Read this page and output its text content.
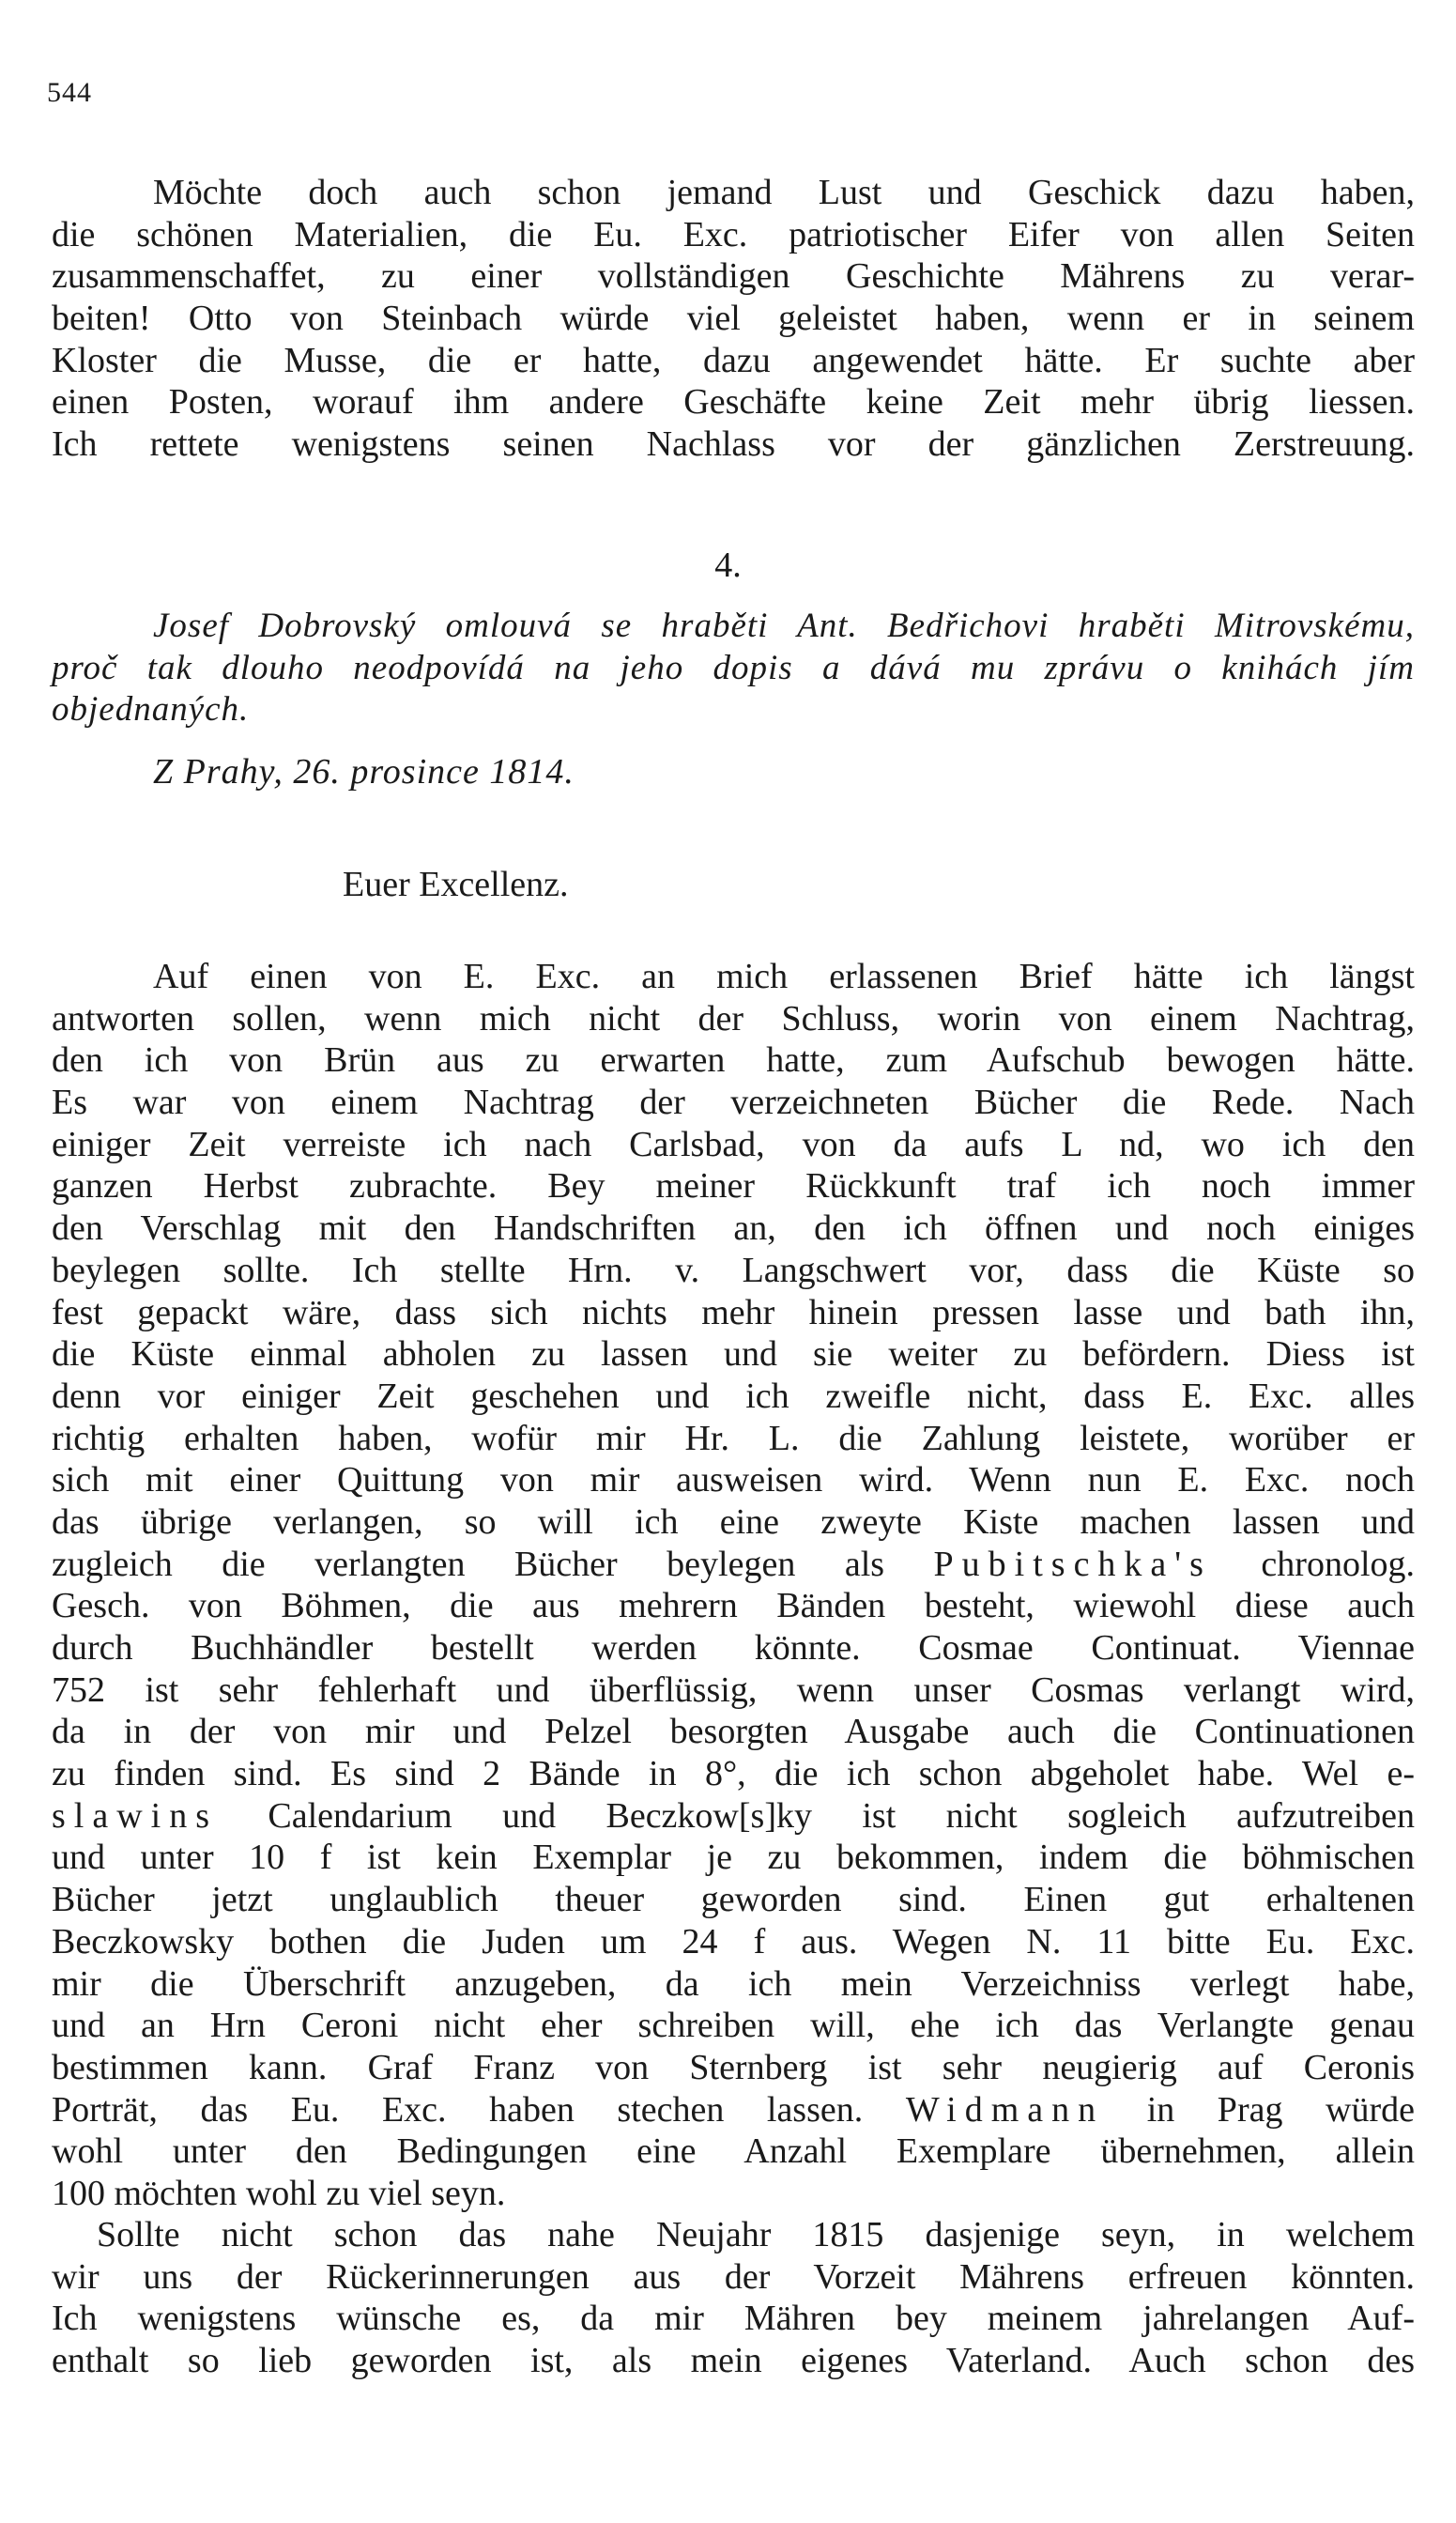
544
Möchte doch auch schon jemand Lust und Geschick dazu haben,
die schönen Materialien, die Eu. Exc. patriotischer Eifer von allen Seiten
zusammenschaffet, zu einer vollständigen Geschichte Mährens zu verar-
beiten! Otto von Steinbach würde viel geleistet haben, wenn er in seinem
Kloster die Musse, die er hatte, dazu angewendet hätte. Er suchte aber
einen Posten, worauf ihm andere Geschäfte keine Zeit mehr übrig liessen.
Ich rettete wenigstens seinen Nachlass vor der gänzlichen Zerstreuung.
4.
Josef Dobrovský omlouvá se hraběti Ant. Bedřichovi hraběti Mitrovskému,
proč tak dlouho neodpovídá na jeho dopis a dává mu zprávu o knihách jím
objednaných.
Z Prahy, 26. prosince 1814.
Euer Excellenz.
Auf einen von E. Exc. an mich erlassenen Brief hätte ich längst
antworten sollen, wenn mich nicht der Schluss, worin von einem Nachtrag,
den ich von Brün aus zu erwarten hatte, zum Aufschub bewogen hätte.
Es war von einem Nachtrag der verzeichneten Bücher die Rede. Nach
einiger Zeit verreiste ich nach Carlsbad, von da aufs L nd, wo ich den
ganzen Herbst zubrachte. Bey meiner Rückkunft traf ich noch immer
den Verschlag mit den Handschriften an, den ich öffnen und noch einiges
beylegen sollte. Ich stellte Hrn. v. Langschwert vor, dass die Küste so
fest gepackt wäre, dass sich nichts mehr hinein pressen lasse und bath ihn,
die Küste einmal abholen zu lassen und sie weiter zu befördern. Diess ist
denn vor einiger Zeit geschehen und ich zweifle nicht, dass E. Exc. alles
richtig erhalten haben, wofür mir Hr. L. die Zahlung leistete, worüber er
sich mit einer Quittung von mir ausweisen wird. Wenn nun E. Exc. noch
das übrige verlangen, so will ich eine zweyte Kiste machen lassen und
zugleich die verlangten Bücher beylegen als Pubitschka's chronolog.
Gesch. von Böhmen, die aus mehrern Bänden besteht, wiewohl diese auch
durch Buchhändler bestellt werden könnte. Cosmae Continuat. Viennae
752 ist sehr fehlerhaft und überflüssig, wenn unser Cosmas verlangt wird,
da in der von mir und Pelzel besorgten Ausgabe auch die Continuationen
zu finden sind. Es sind 2 Bände in 8°, die ich schon abgeholet habe. Wel e-
slawins Calendarium und Beczkow[s]ky ist nicht sogleich aufzutreiben
und unter 10 f ist kein Exemplar je zu bekommen, indem die böhmischen
Bücher jetzt unglaublich theuer geworden sind. Einen gut erhaltenen
Beczkowsky bothen die Juden um 24 f aus. Wegen N. 11 bitte Eu. Exc.
mir die Überschrift anzugeben, da ich mein Verzeichniss verlegt habe,
und an Hrn Ceroni nicht eher schreiben will, ehe ich das Verlangte genau
bestimmen kann. Graf Franz von Sternberg ist sehr neugierig auf Ceronis
Porträt, das Eu. Exc. haben stechen lassen. Widmann in Prag würde
wohl unter den Bedingungen eine Anzahl Exemplare übernehmen, allein
100 möchten wohl zu viel seyn.
Sollte nicht schon das nahe Neujahr 1815 dasjenige seyn, in welchem
wir uns der Rückerinnerungen aus der Vorzeit Mährens erfreuen könnten.
Ich wenigstens wünsche es, da mir Mähren bey meinem jahrelangen Auf-
enthalt so lieb geworden ist, als mein eigenes Vaterland. Auch schon des
